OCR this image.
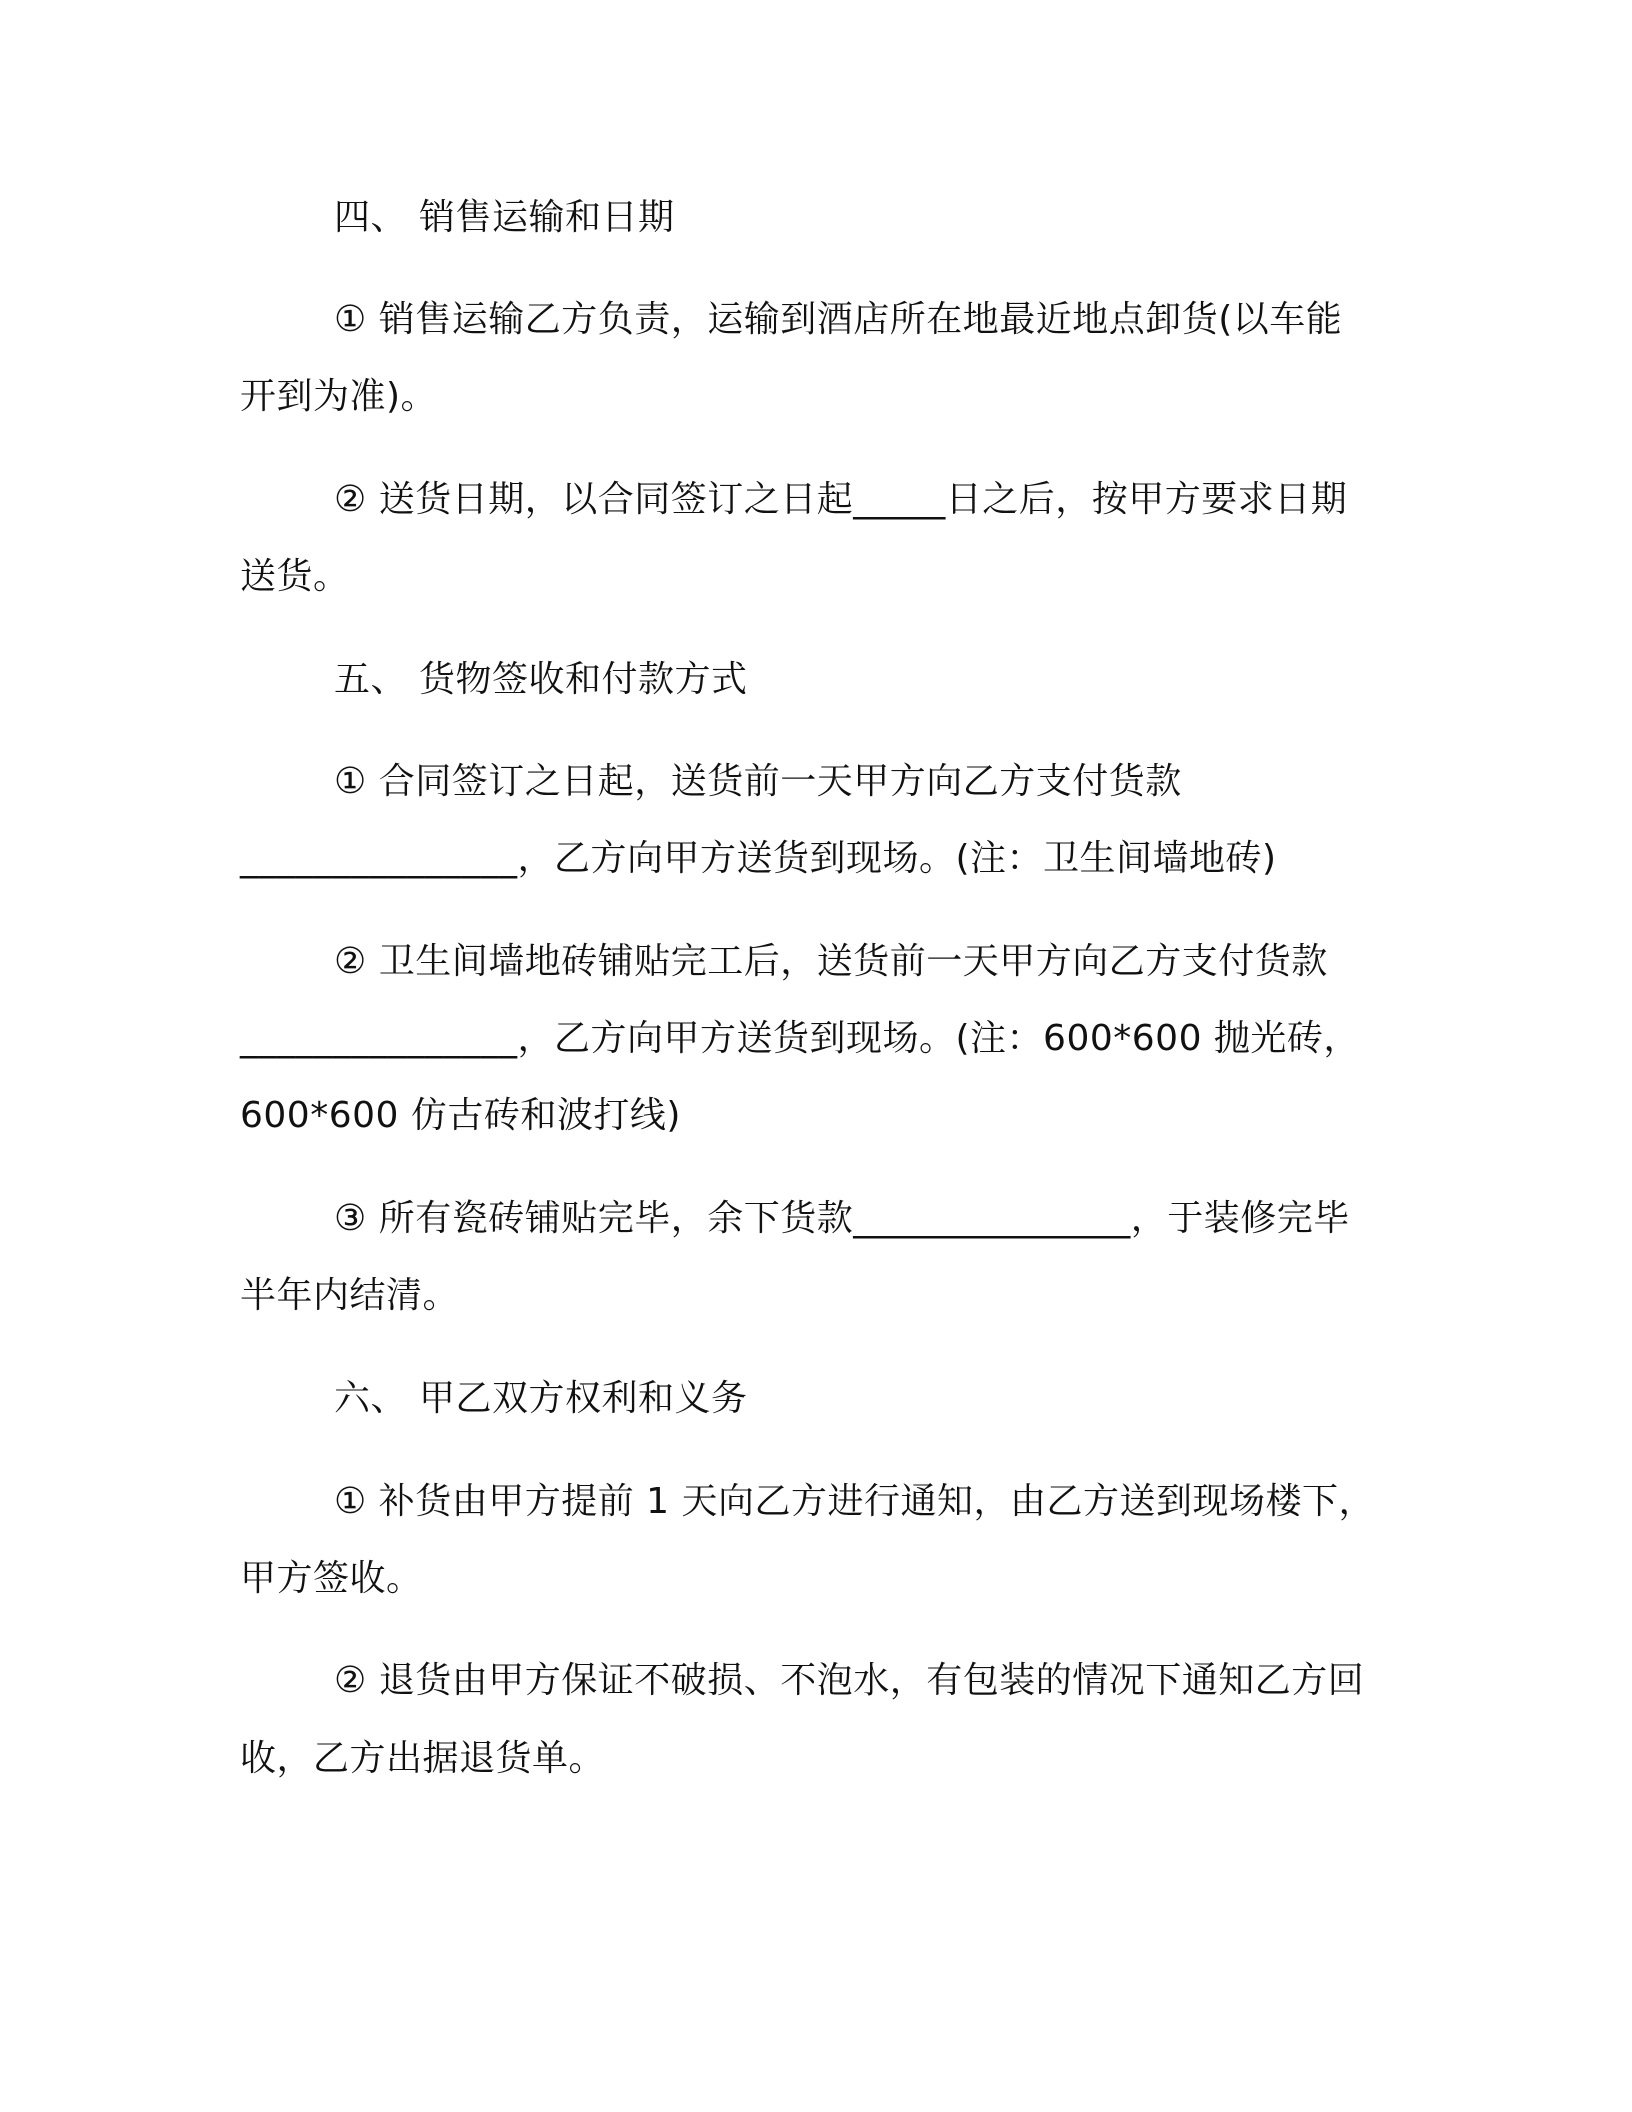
四、 销售运输和日期
① 销售运输乙方负责，运输到酒店所在地最近地点卸货(以车能
开到为准)。
② 送货日期，以合同签订之日起_____日之后，按甲方要求日期
送货。
五、 货物签收和付款方式
① 合同签订之日起，送货前一天甲方向乙方支付货款
_______________，乙方向甲方送货到现场。(注：卫生间墙地砖)
② 卫生间墙地砖铺贴完工后，送货前一天甲方向乙方支付货款
_______________，乙方向甲方送货到现场。(注：600*600 抛光砖，
600*600 仿古砖和波打线)
③ 所有瓷砖铺贴完毕，余下货款_______________，于装修完毕
半年内结清。
六、 甲乙双方权利和义务
① 补货由甲方提前 1 天向乙方进行通知，由乙方送到现场楼下，
甲方签收。
② 退货由甲方保证不破损、不泡水，有包装的情况下通知乙方回
收，乙方出据退货单。
